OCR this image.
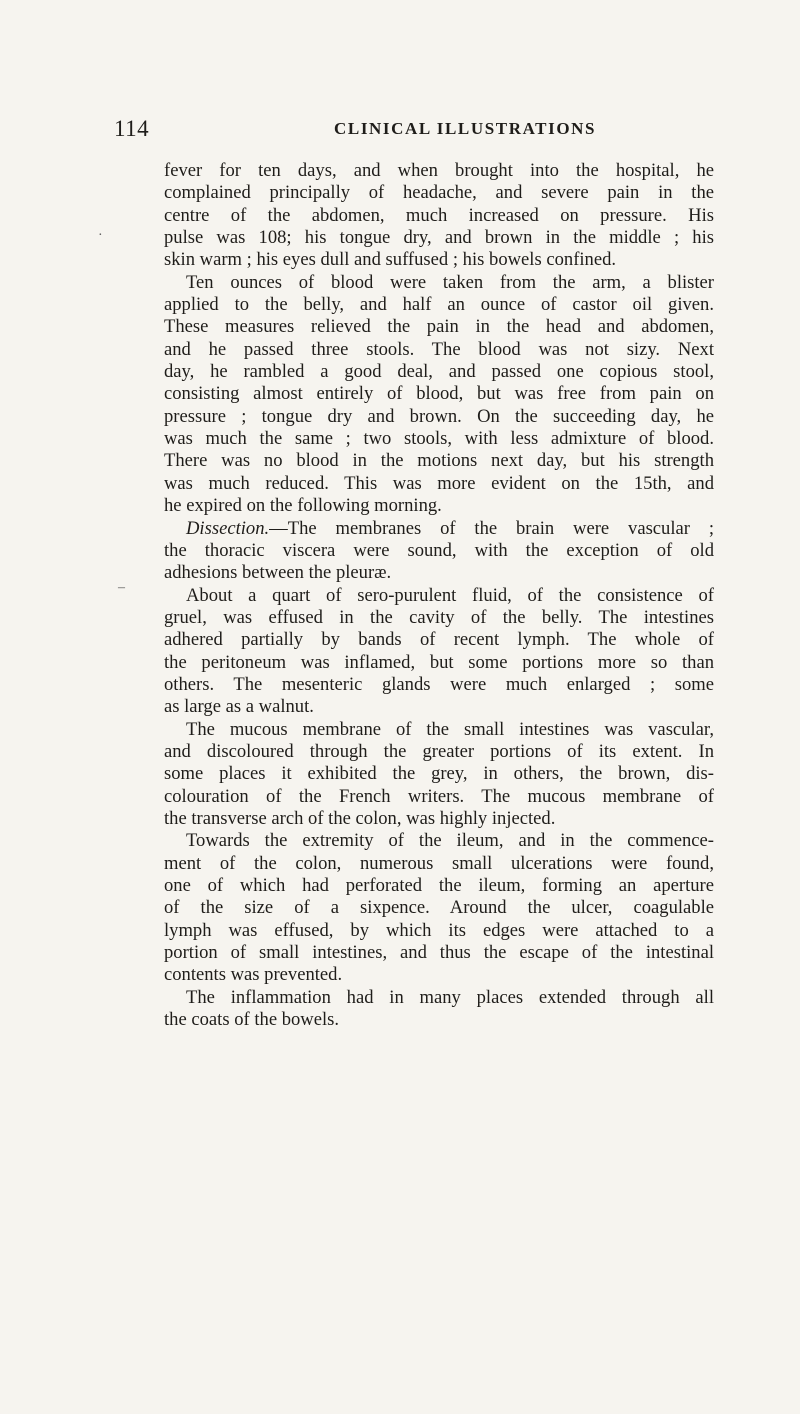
114	CLINICAL ILLUSTRATIONS
fever for ten days, and when brought into the hospital, he
complained principally of headache, and severe pain in the
centre of the abdomen, much increased on pressure. His
pulse was 108; his tongue dry, and brown in the middle ; his
skin warm ; his eyes dull and suffused ; his bowels confined.
Ten ounces of blood were taken from the arm, a blister
applied to the belly, and half an ounce of castor oil given.
These measures relieved the pain in the head and abdomen,
and he passed three stools. The blood was not sizy. Next
day, he rambled a good deal, and passed one copious stool,
consisting almost entirely of blood, but was free from pain on
pressure ; tongue dry and brown. On the succeeding day, he
was much the same ; two stools, with less admixture of blood.
There was no blood in the motions next day, but his strength
was much reduced. This was more evident on the 15th, and
he expired on the following morning.
Dissection.—The membranes of the brain were vascular ;
the thoracic viscera were sound, with the exception of old
adhesions between the pleuræ.
About a quart of sero-purulent fluid, of the consistence of
gruel, was effused in the cavity of the belly. The intestines
adhered partially by bands of recent lymph. The whole of
the peritoneum was inflamed, but some portions more so than
others. The mesenteric glands were much enlarged ; some
as large as a walnut.
The mucous membrane of the small intestines was vascular,
and discoloured through the greater portions of its extent. In
some places it exhibited the grey, in others, the brown, dis-
colouration of the French writers. The mucous membrane of
the transverse arch of the colon, was highly injected.
Towards the extremity of the ileum, and in the commence-
ment of the colon, numerous small ulcerations were found,
one of which had perforated the ileum, forming an aperture
of the size of a sixpence. Around the ulcer, coagulable
lymph was effused, by which its edges were attached to a
portion of small intestines, and thus the escape of the intestinal
contents was prevented.
The inflammation had in many places extended through all
the coats of the bowels.
–
·
